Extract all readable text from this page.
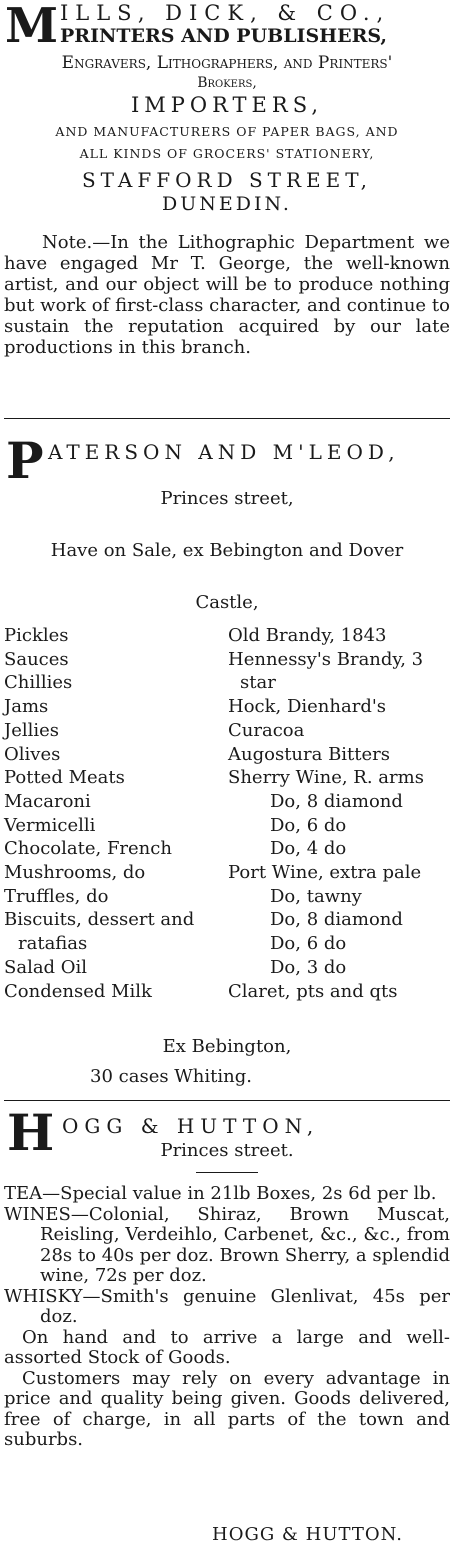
M ILLS, DICK, & CO.,
PRINTERS AND PUBLISHERS,
Engravers, Lithographers, and Printers'
Brokers,
IMPORTERS,
AND MANUFACTURERS OF PAPER BAGS, AND
ALL KINDS OF GROCERS' STATIONERY,
STAFFORD STREET,
DUNEDIN.
Note.—In the Lithographic Department we have engaged Mr T. George, the well-known artist, and our object will be to produce nothing but work of first-class character, and continue to sustain the reputation acquired by our late productions in this branch.
P ATERSON AND M'LEOD,
Princes street,
Have on Sale, ex Bebington and Dover
Castle,
Pickles
Sauces
Chillies
Jams
Jellies
Olives
Potted Meats
Macaroni
Vermicelli
Chocolate, French
Mushrooms, do
Truffles, do
Biscuits, dessert and
ratafias
Salad Oil
Condensed Milk
Old Brandy, 1843
Hennessy's Brandy, 3
star
Hock, Dienhard's
Curacoa
Augostura Bitters
Sherry Wine, R. arms
Do, 8 diamond
Do, 6 do
Do, 4 do
Port Wine, extra pale
Do, tawny
Do, 8 diamond
Do, 6 do
Do, 3 do
Claret, pts and qts
Ex Bebington,
30 cases Whiting.
H OGG & HUTTON,
Princes street.
TEA—Special value in 21lb Boxes, 2s 6d per lb.
WINES—Colonial, Shiraz, Brown Muscat, Reisling, Verdeihlo, Carbenet, &c., &c., from 28s to 40s per doz. Brown Sherry, a splendid wine, 72s per doz.
WHISKY—Smith's genuine Glenlivat, 45s per doz.
On hand and to arrive a large and well-assorted Stock of Goods.
Customers may rely on every advantage in price and quality being given. Goods delivered, free of charge, in all parts of the town and suburbs.
HOGG & HUTTON.
